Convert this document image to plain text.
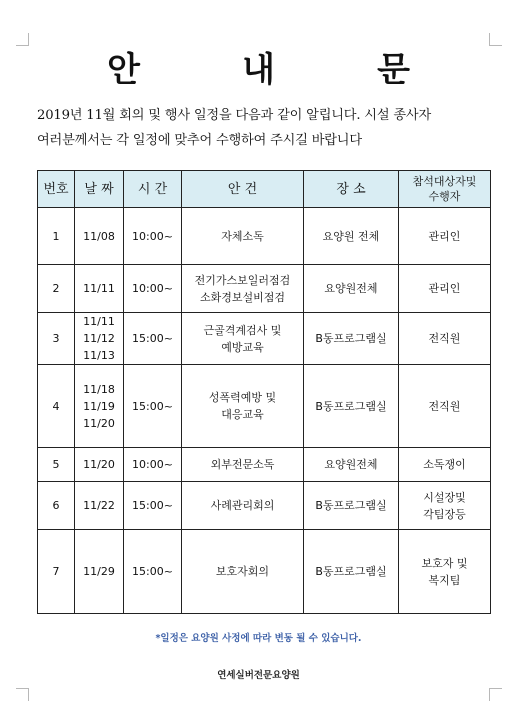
안	내	문

2019년 11월 회의 및 행사 일정을 다음과 같이 알립니다. 시설 종사자

여러분께서는 각 일정에 맞추어 수행하여 주시길 바랍니다

번호	날 짜	시 간	안 건	장 소	참석대상자및
수행자

1	11/08	10:00~	자체소독	요양원 전체	관리인

2	11/11	10:00~	전기가스보일러점검
소화경보설비점검	요양원전체	관리인

3	11/11
11/12
11/13	15:00~	근골격계검사 및
예방교육	B동프로그램실	전직원

4	11/18
11/19
11/20	15:00~	성폭력예방 및
대응교육	B동프로그램실	전직원

5	11/20	10:00~	외부전문소독	요양원전체	소독쟁이

6	11/22	15:00~	사례관리회의	B동프로그램실	시설장및
각팀장등

7	11/29	15:00~	보호자회의	B동프로그램실	보호자 및
복지팀
*일정은 요양원 사정에 따라 변동 될 수 있습니다.
연세실버전문요양원
